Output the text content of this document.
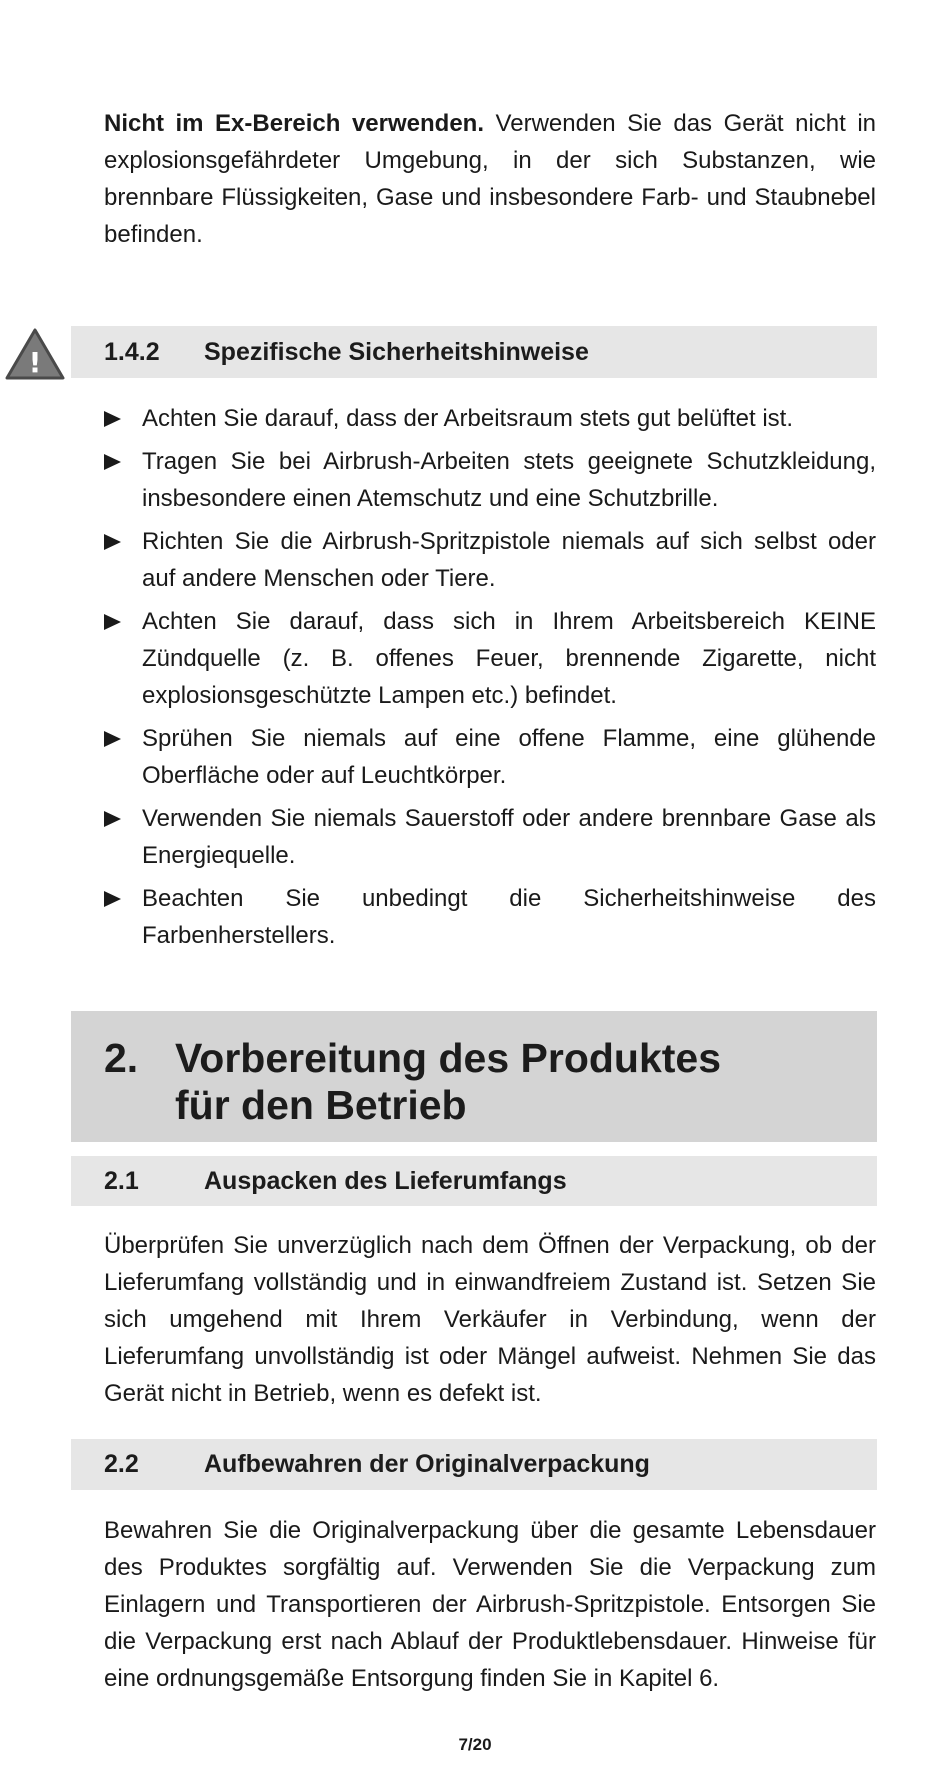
Nicht im Ex-Bereich verwenden. Verwenden Sie das Gerät nicht in explosionsgefährdeter Umgebung, in der sich Substanzen, wie brennbare Flüssigkeiten, Gase und insbesondere Farb- und Staubnebel befinden.

!	1.4.2 Spezifische Sicherheitshinweise
Achten Sie darauf, dass der Arbeitsraum stets gut belüftet ist.
Tragen Sie bei Airbrush-Arbeiten stets geeignete Schutzkleidung, insbesondere einen Atemschutz und eine Schutzbrille.
Richten Sie die Airbrush-Spritzpistole niemals auf sich selbst oder auf andere Menschen oder Tiere.
Achten Sie darauf, dass sich in Ihrem Arbeitsbereich KEINE Zündquelle (z. B. offenes Feuer, brennende Zigarette, nicht explosionsgeschützte Lampen etc.) befindet.
Sprühen Sie niemals auf eine offene Flamme, eine glühende Oberfläche oder auf Leuchtkörper.
Verwenden Sie niemals Sauerstoff oder andere brennbare Gase als Energiequelle.
Beachten Sie unbedingt die Sicherheitshinweise des Farbenherstellers.
2. Vorbereitung des Produktes
für den Betrieb
2.1	Auspacken des Lieferumfangs

Überprüfen Sie unverzüglich nach dem Öffnen der Verpackung, ob der Lieferumfang vollständig und in einwandfreiem Zustand ist. Setzen Sie sich umgehend mit Ihrem Verkäufer in Verbindung, wenn der Lieferumfang unvollständig ist oder Mängel aufweist. Nehmen Sie das Gerät nicht in Betrieb, wenn es defekt ist.

2.2	Aufbewahren der Originalverpackung

Bewahren Sie die Originalverpackung über die gesamte Lebensdauer des Produktes sorgfältig auf. Verwenden Sie die Verpackung zum Einlagern und Transportieren der Airbrush-Spritzpistole. Entsorgen Sie die Verpackung erst nach Ablauf der Produktlebensdauer. Hinweise für eine ordnungsgemäße Entsorgung finden Sie in Kapitel 6.

7/20
